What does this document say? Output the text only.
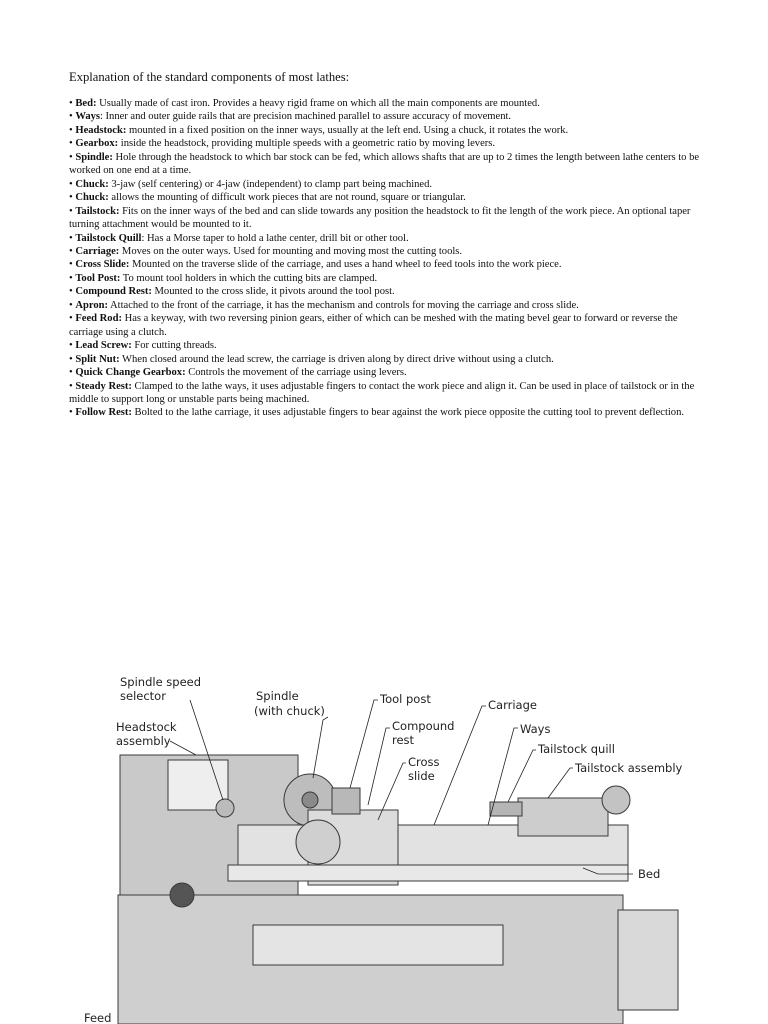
Explanation of the standard components of most lathes:
• Bed: Usually made of cast iron. Provides a heavy rigid frame on which all the main components are mounted.
• Ways: Inner and outer guide rails that are precision machined parallel to assure accuracy of movement.
• Headstock: mounted in a fixed position on the inner ways, usually at the left end. Using a chuck, it rotates the work.
• Gearbox: inside the headstock, providing multiple speeds with a geometric ratio by moving levers.
• Spindle: Hole through the headstock to which bar stock can be fed, which allows shafts that are up to 2 times the length between lathe centers to be worked on one end at a time.
• Chuck: 3-jaw (self centering) or 4-jaw (independent) to clamp part being machined.
• Chuck: allows the mounting of difficult work pieces that are not round, square or triangular.
• Tailstock: Fits on the inner ways of the bed and can slide towards any position the headstock to fit the length of the work piece. An optional taper turning attachment would be mounted to it.
• Tailstock Quill: Has a Morse taper to hold a lathe center, drill bit or other tool.
• Carriage: Moves on the outer ways. Used for mounting and moving most the cutting tools.
• Cross Slide: Mounted on the traverse slide of the carriage, and uses a hand wheel to feed tools into the work piece.
• Tool Post: To mount tool holders in which the cutting bits are clamped.
• Compound Rest: Mounted to the cross slide, it pivots around the tool post.
• Apron: Attached to the front of the carriage, it has the mechanism and controls for moving the carriage and cross slide.
• Feed Rod: Has a keyway, with two reversing pinion gears, either of which can be meshed with the mating bevel gear to forward or reverse the carriage using a clutch.
• Lead Screw: For cutting threads.
• Split Nut: When closed around the lead screw, the carriage is driven along by direct drive without using a clutch.
• Quick Change Gearbox: Controls the movement of the carriage using levers.
• Steady Rest: Clamped to the lathe ways, it uses adjustable fingers to contact the work piece and align it. Can be used in place of tailstock or in the middle to support long or unstable parts being machined.
• Follow Rest: Bolted to the lathe carriage, it uses adjustable fingers to bear against the work piece opposite the cutting tool to prevent deflection.
Spindle speed
selector
Headstock
assembly
Spindle
(with chuck)
Tool post
Compound
rest
Cross
slide
Carriage
Ways
Tailstock quill
Tailstock assembly
Bed
Feed
